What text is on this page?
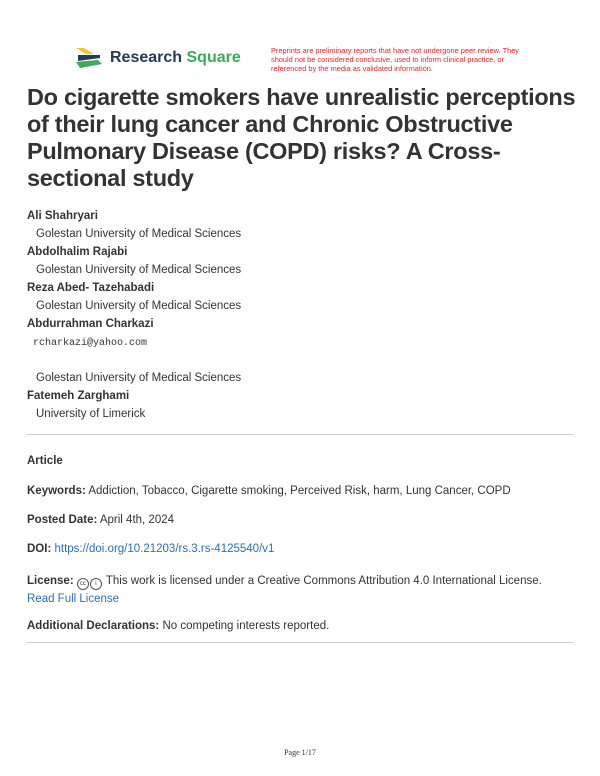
Research Square	Preprints are preliminary reports that have not undergone peer review. They should not be considered conclusive, used to inform clinical practice, or referenced by the media as validated information.
Do cigarette smokers have unrealistic perceptions of their lung cancer and Chronic Obstructive Pulmonary Disease (COPD) risks? A Cross-sectional study
Ali Shahryari
Golestan University of Medical Sciences
Abdolhalim Rajabi
Golestan University of Medical Sciences
Reza Abed- Tazehabadi
Golestan University of Medical Sciences
Abdurrahman Charkazi
rcharkazi@yahoo.com
Golestan University of Medical Sciences
Fatemeh Zarghami
University of Limerick
Article
Keywords: Addiction, Tobacco, Cigarette smoking, Perceived Risk, harm, Lung Cancer, COPD
Posted Date: April 4th, 2024
DOI: https://doi.org/10.21203/rs.3.rs-4125540/v1
License: cc i This work is licensed under a Creative Commons Attribution 4.0 International License.
Read Full License
Additional Declarations: No competing interests reported.
Page 1/17
